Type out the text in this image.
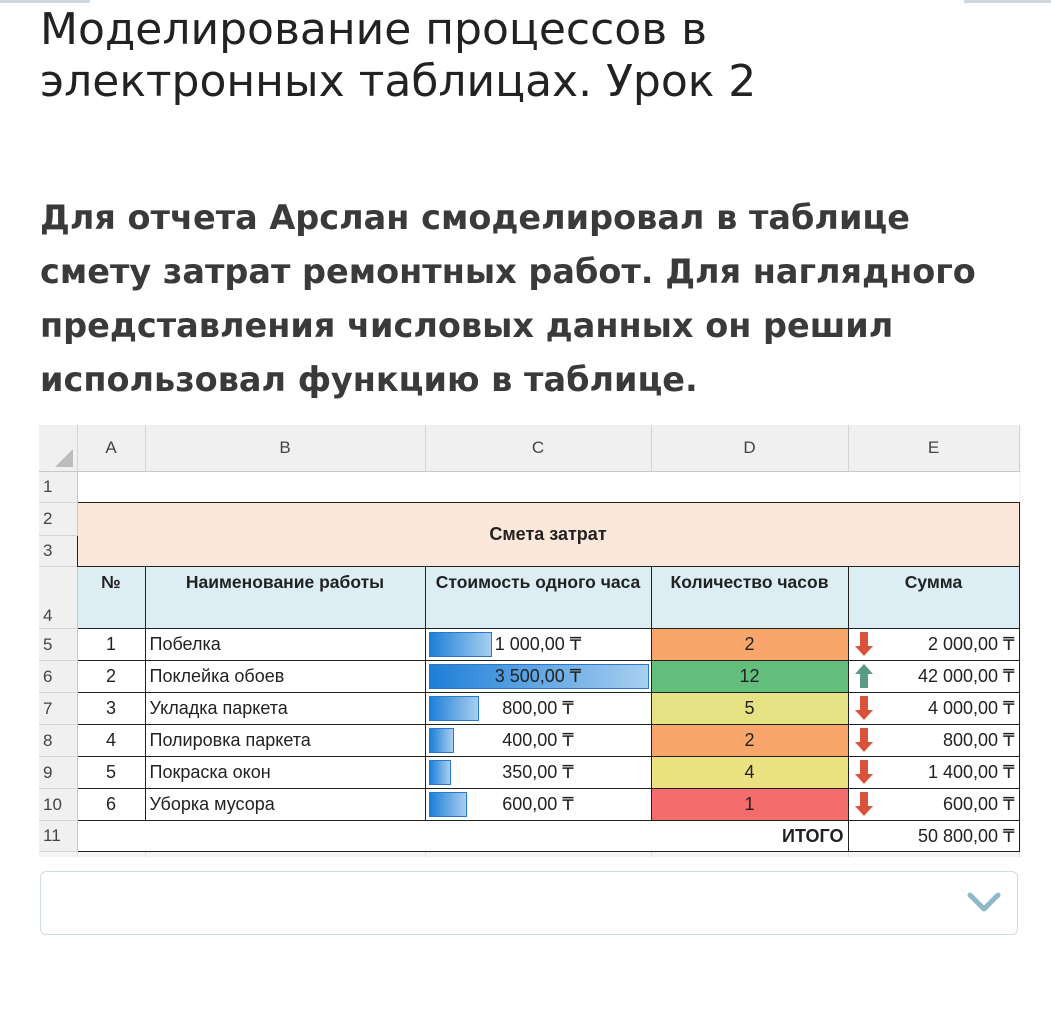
Моделирование процессов в электронных таблицах. Урок 2

Для отчета Арслан смоделировал в таблице смету затрат ремонтных работ. Для наглядного представления числовых данных он решил использовал функцию в таблице.

	A	B	C	D	E
1					
2	Смета затрат				
3					
4	№	Наименование работы	Стоимость одного часа	Количество часов	Сумма
5	1	Побелка	1 000,00 ₸	2	2 000,00 ₸
6	2	Поклейка обоев	3 500,00 ₸	12	42 000,00 ₸
7	3	Укладка паркета	800,00 ₸	5	4 000,00 ₸
8	4	Полировка паркета	400,00 ₸	2	800,00 ₸
9	5	Покраска окон	350,00 ₸	4	1 400,00 ₸
10	6	Уборка мусора	600,00 ₸	1	600,00 ₸
11	ИТОГО				50 800,00 ₸
